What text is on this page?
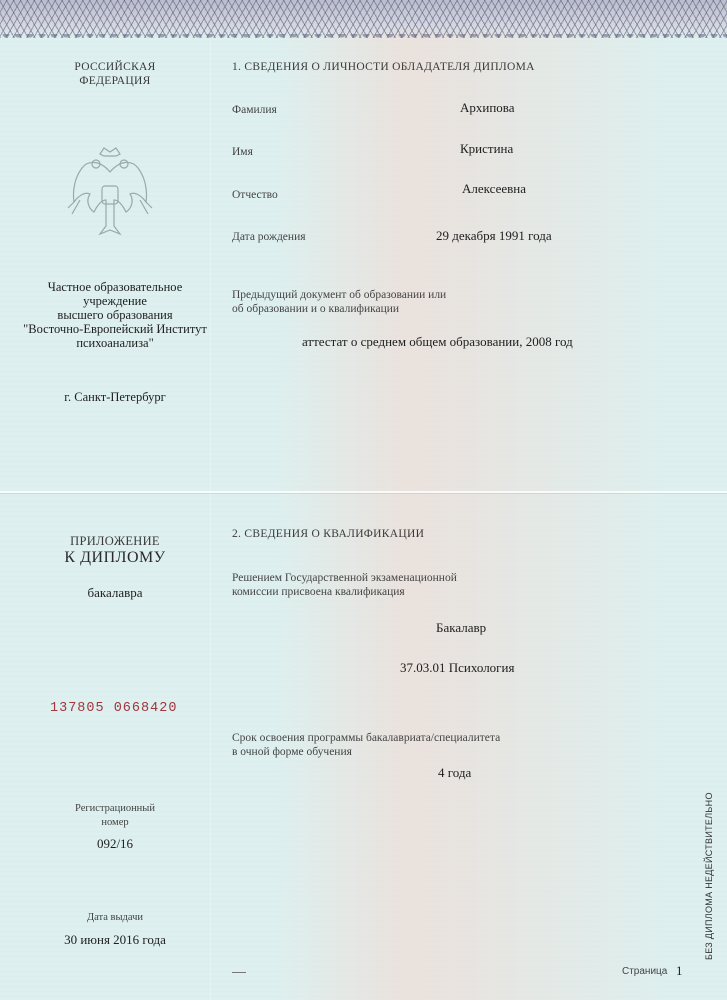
РОССИЙСКАЯ
ФЕДЕРАЦИЯ
Частное образовательное
учреждение
высшего образования
"Восточно-Европейский Институт
психоанализа"
г. Санкт-Петербург
1. СВЕДЕНИЯ О ЛИЧНОСТИ ОБЛАДАТЕЛЯ ДИПЛОМА
Фамилия	Архипова
Имя	Кристина
Отчество	Алексеевна
Дата рождения	29 декабря 1991 года
Предыдущий документ об образовании или
об образовании и о квалификации
аттестат о среднем общем образовании, 2008 год
ПРИЛОЖЕНИЕ
К ДИПЛОМУ
бакалавра
137805 0668420
Регистрационный
номер
092/16
Дата выдачи
30 июня 2016 года
2. СВЕДЕНИЯ О КВАЛИФИКАЦИИ
Решением Государственной экзаменационной
комиссии присвоена квалификация
Бакалавр
37.03.01 Психология
Срок освоения программы бакалавриата/специалитета
в очной форме обучения
4 года
Страница 1
БЕЗ ДИПЛОМА НЕДЕЙСТВИТЕЛЬНО
